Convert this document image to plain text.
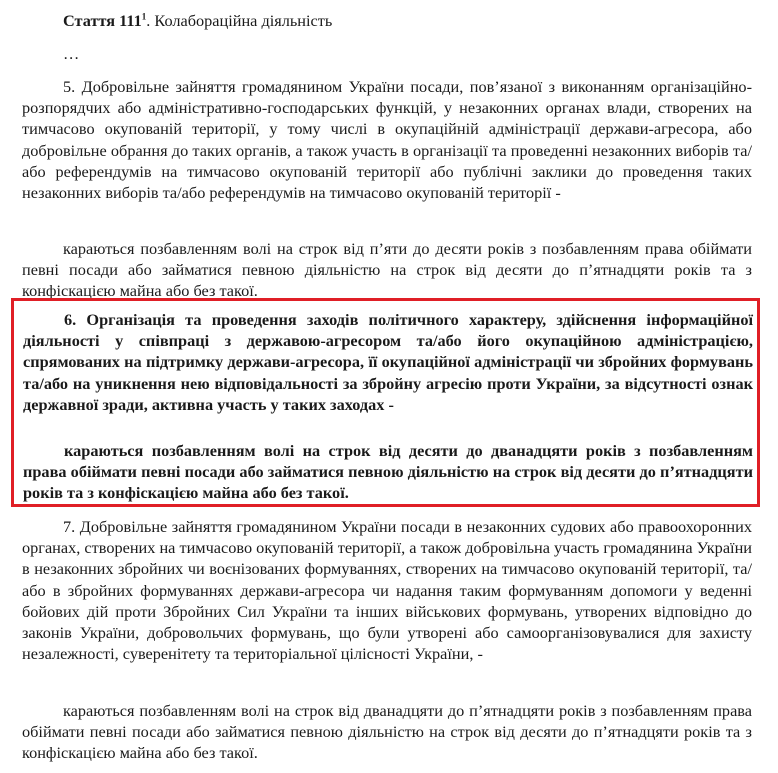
Стаття $111^1$. Колабораційна діяльність
…

5. Добровільне зайняття громадянином України посади, пов’язаної з виконанням організаційно-розпорядчих або адміністративно-господарських функцій, у незаконних органах влади, створених на тимчасово окупованій території, у тому числі в окупаційній адміністрації держави-агресора, або добровільне обрання до таких органів, а також участь в організації та проведенні незаконних виборів та/або референдумів на тимчасово окупованій території або публічні заклики до проведення таких незаконних виборів та/або референдумів на тимчасово окупованій території -

караються позбавленням волі на строк від п’яти до десяти років з позбавленням права обіймати певні посади або займатися певною діяльністю на строк від десяти до п’ятнадцяти років та з конфіскацією майна або без такої.

6. Організація та проведення заходів політичного характеру, здійснення інформаційної діяльності у співпраці з державою-агресором та/або його окупаційною адміністрацією, спрямованих на підтримку держави-агресора, її окупаційної адміністрації чи збройних формувань та/або на уникнення нею відповідальності за збройну агресію проти України, за відсутності ознак державної зради, активна участь у таких заходах -

караються позбавленням волі на строк від десяти до дванадцяти років з позбавленням права обіймати певні посади або займатися певною діяльністю на строк від десяти до п’ятнадцяти років та з конфіскацією майна або без такої.

7. Добровільне зайняття громадянином України посади в незаконних судових або правоохоронних органах, створених на тимчасово окупованій території, а також добровільна участь громадянина України в незаконних збройних чи воєнізованих формуваннях, створених на тимчасово окупованій території, та/або в збройних формуваннях держави-агресора чи надання таким формуванням допомоги у веденні бойових дій проти Збройних Сил України та інших військових формувань, утворених відповідно до законів України, добровольчих формувань, що були утворені або самоорганізовувалися для захисту незалежності, суверенітету та територіальної цілісності України, -

караються позбавленням волі на строк від дванадцяти до п’ятнадцяти років з позбавленням права обіймати певні посади або займатися певною діяльністю на строк від десяти до п’ятнадцяти років та з конфіскацією майна або без такої.
